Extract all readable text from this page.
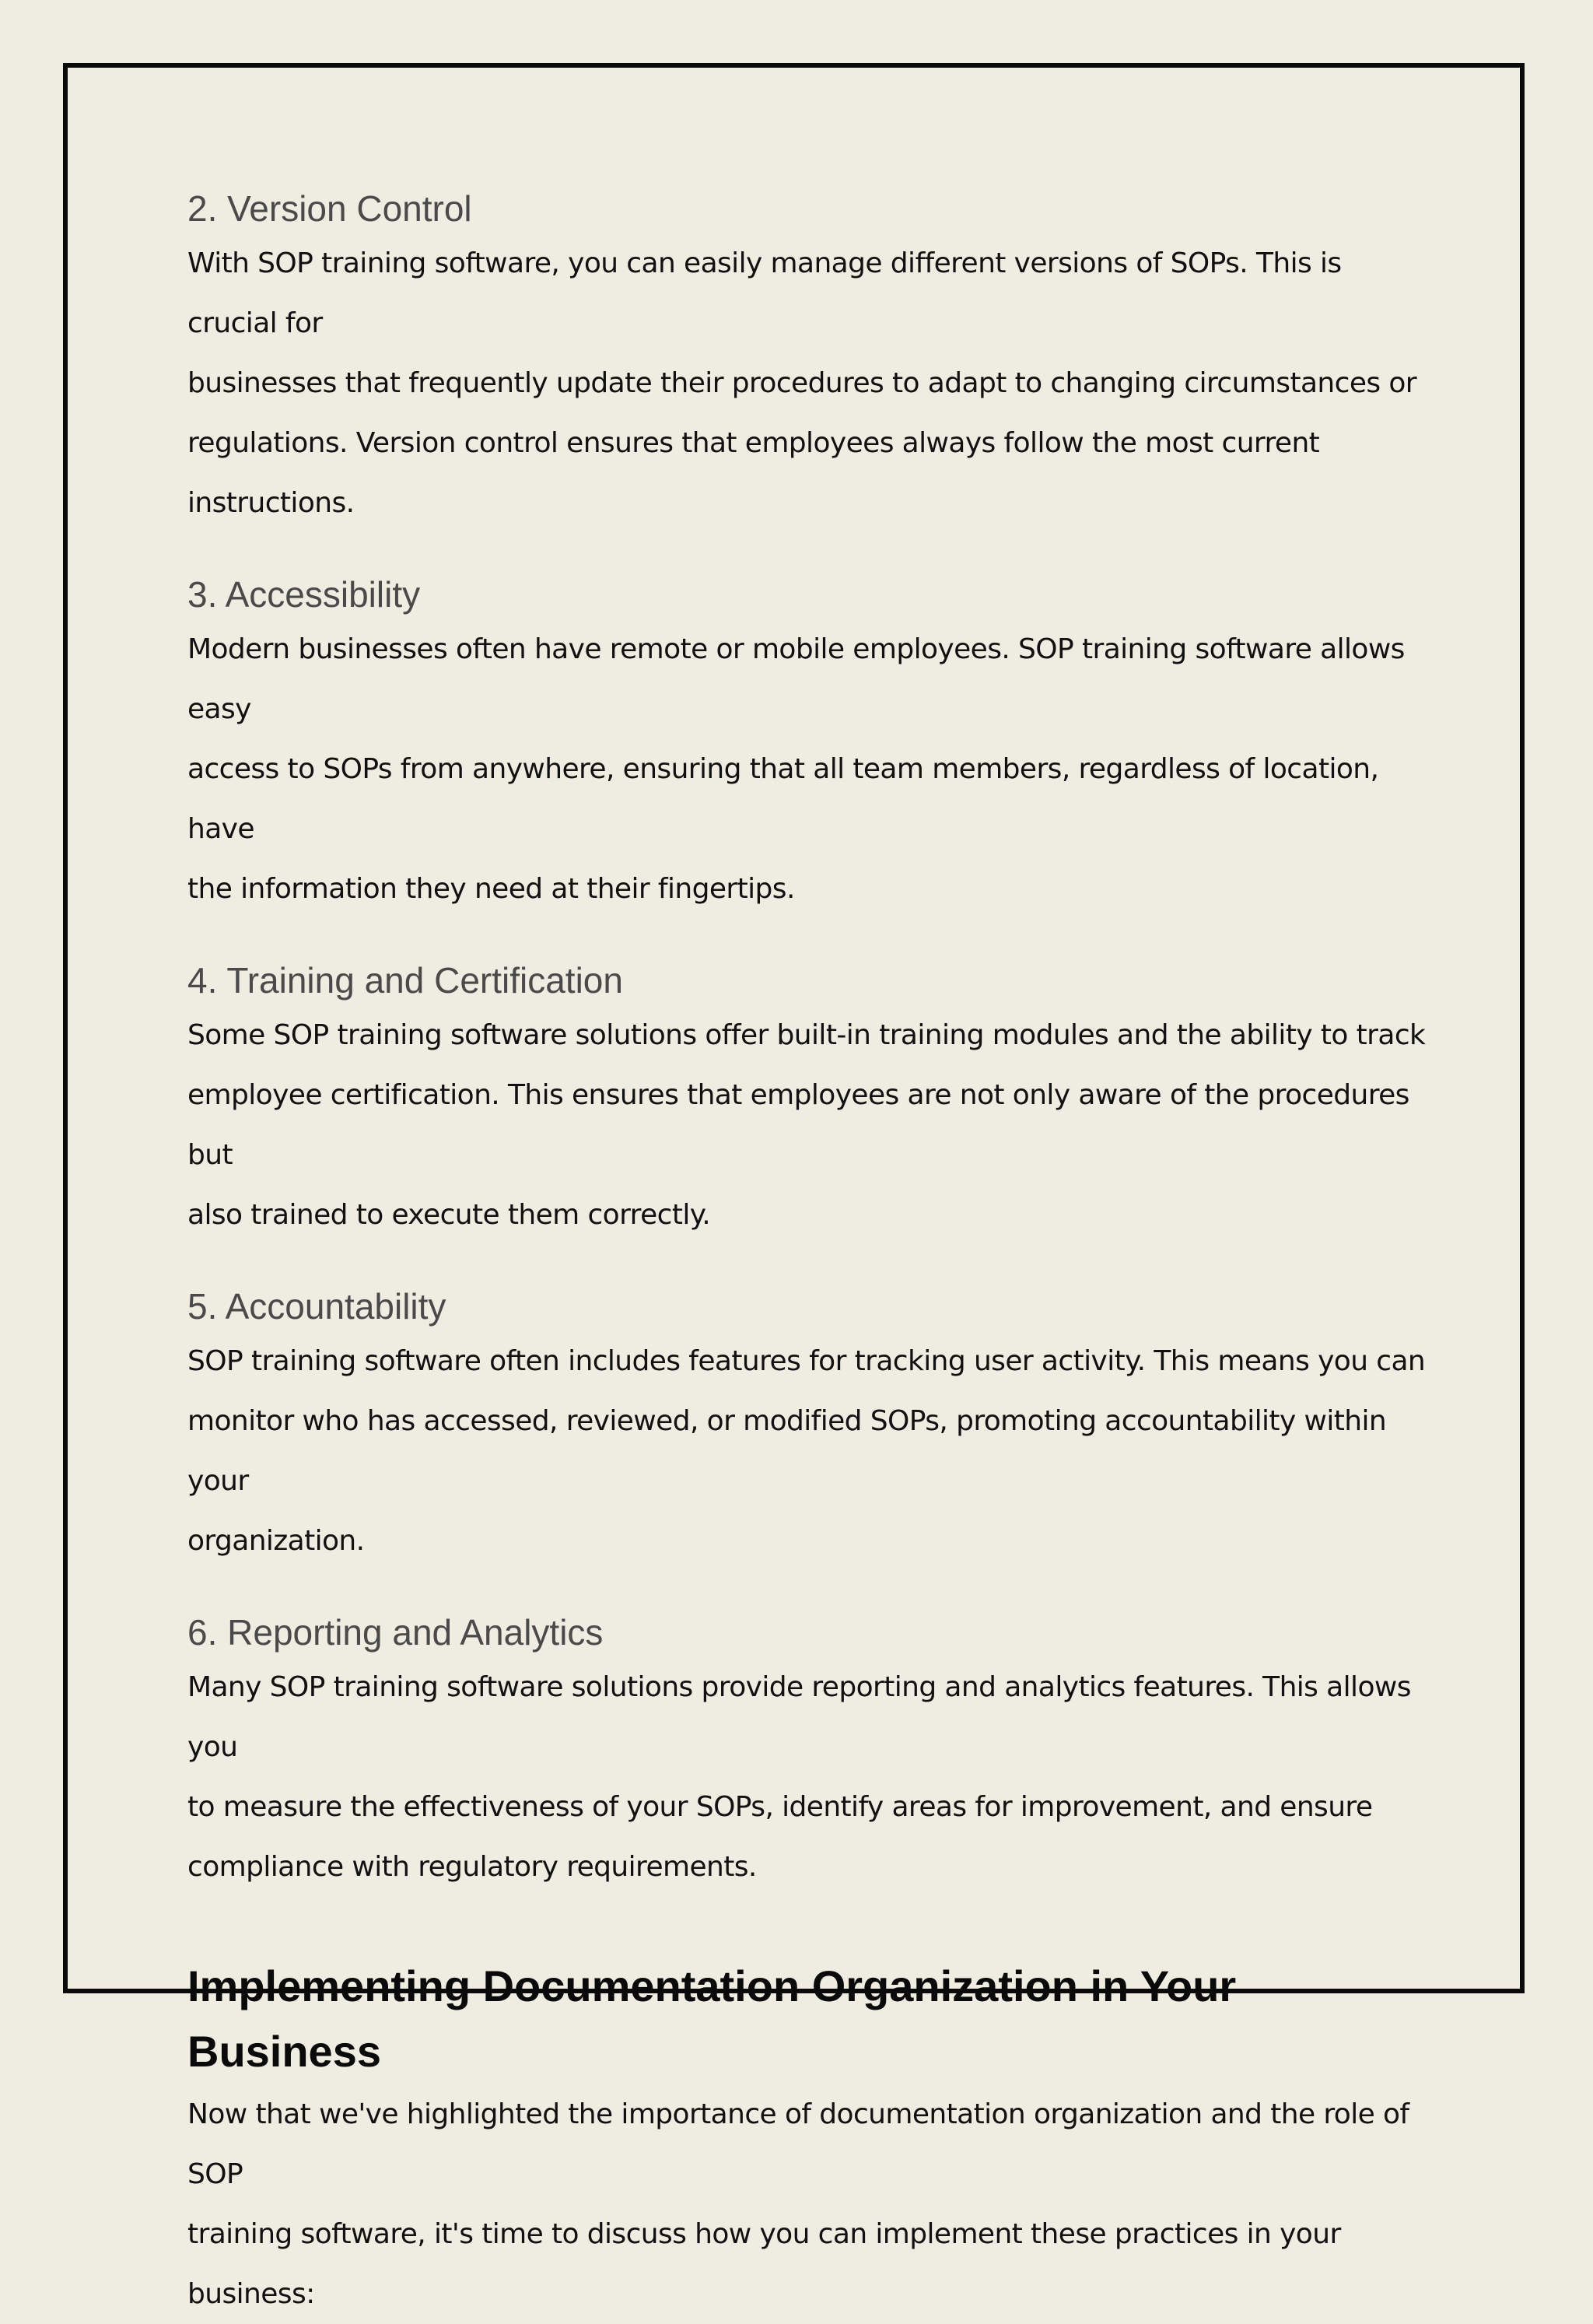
2. Version Control

With SOP training software, you can easily manage different versions of SOPs. This is crucial for
businesses that frequently update their procedures to adapt to changing circumstances or
regulations. Version control ensures that employees always follow the most current
instructions.

3. Accessibility

Modern businesses often have remote or mobile employees. SOP training software allows easy
access to SOPs from anywhere, ensuring that all team members, regardless of location, have
the information they need at their fingertips.

4. Training and Certification

Some SOP training software solutions offer built-in training modules and the ability to track
employee certification. This ensures that employees are not only aware of the procedures but
also trained to execute them correctly.

5. Accountability

SOP training software often includes features for tracking user activity. This means you can
monitor who has accessed, reviewed, or modified SOPs, promoting accountability within your
organization.

6. Reporting and Analytics

Many SOP training software solutions provide reporting and analytics features. This allows you
to measure the effectiveness of your SOPs, identify areas for improvement, and ensure
compliance with regulatory requirements.

Implementing Documentation Organization in Your Business

Now that we've highlighted the importance of documentation organization and the role of SOP
training software, it's time to discuss how you can implement these practices in your business:
